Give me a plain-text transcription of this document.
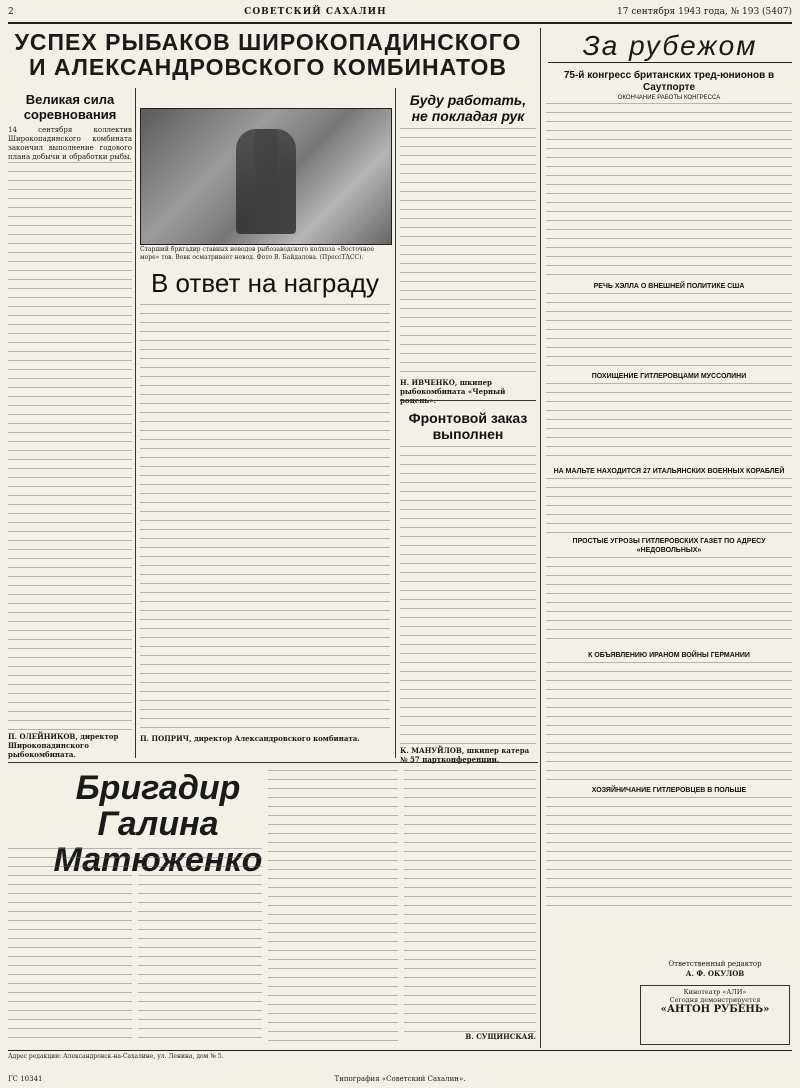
2	СОВЕТСКИЙ САХАЛИН	17 сентября 1943 года, № 193 (5407)
УСПЕХ РЫБАКОВ ШИРОКОПАДИНСКОГО
И АЛЕКСАНДРОВСКОГО КОМБИНАТОВ
За рубежом
Великая сила соревнования
14 сентября коллектив Широкопадинского комбината закончил выполнение годового плана добычи и обработки рыбы.
П. ОЛЕЙНИКОВ, директор Широкопадинского рыбокомбината.
Старший бригадир ставных неводов рыбозаводского колхоза «Восточное море» тов. Вовк осматривает невод. Фото В. Байдалова. (ПрессТАСС).
В ответ на награду
П. ПОПРИЧ, директор Александровского комбината.
Буду работать, не покладая рук
Н. ИВЧЕНКО, шкипер рыбокомбината «Черный
Фронтовой заказ выполнен
К. МАНУЙЛОВ, шкипер катера № 57 партконференции.
75-й конгресс британских тред-юнионов в Саутпорте
ОКОНЧАНИЕ РАБОТЫ КОНГРЕССА
РЕЧЬ ХЭЛЛА О ВНЕШНЕЙ ПОЛИТИКЕ США
ПОХИЩЕНИЕ ГИТЛЕРОВЦАМИ МУССОЛИНИ
НА МАЛЬТЕ НАХОДИТСЯ 27 ИТАЛЬЯНСКИХ ВОЕННЫХ КОРАБЛЕЙ
ПРОСТЫЕ УГРОЗЫ ГИТЛЕРОВСКИХ ГАЗЕТ ПО АДРЕСУ «НЕДОВОЛЬНЫХ»
К ОБЪЯВЛЕНИЮ ИРАНОМ ВОЙНЫ ГЕРМАНИИ
ХОЗЯЙНИЧАНИЕ ГИТЛЕРОВЦЕВ В ПОЛЬШЕ
Бригадир
Галина Матюженко
В. СУЩИНСКАЯ.
Ответственный редактор
А. Ф. ОКУЛОВ
Кинотеатр «АЛИ»
Сегодня демонстрируется
«АНТОН РУБЕНЬ»
Адрес редакции: Александровск-на-Сахалине, ул. Ленина, дом № 5.
ГС 10341	Типография «Советский Сахалин».
